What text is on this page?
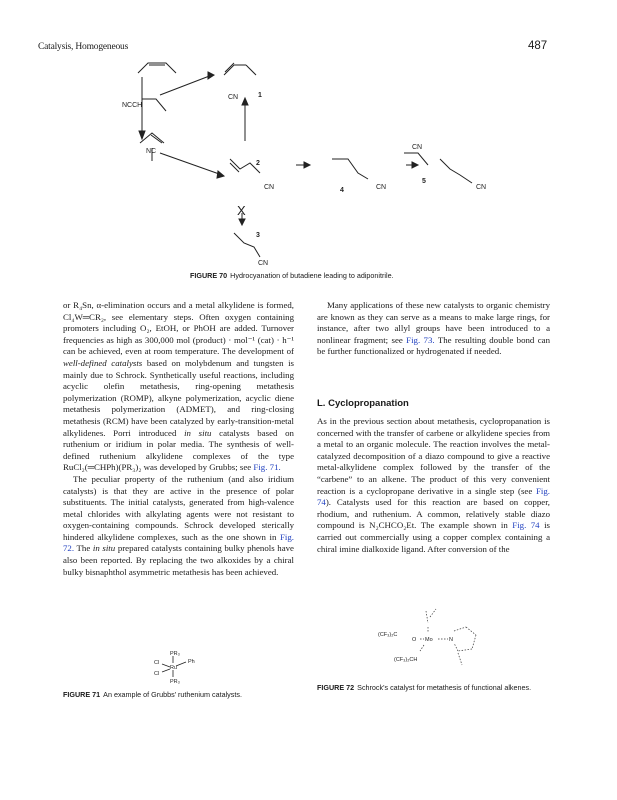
Catalysis, Homogeneous	487
NCCH
NC
CN	1
2
CN	4	CN
CN
5
CN
X
3
CN
FIGURE 70 Hydrocyanation of butadiene leading to adiponitrile.

or R₄Sn, α-elimination occurs and a metal alkylidene is formed, Cl₄W═CR₂, see elementary steps. Often oxygen containing promoters including O₂, EtOH, or PhOH are added. Turnover frequencies as high as 300,000 mol (product) · mol⁻¹ (cat) · h⁻¹ can be achieved, even at room temperature. The development of well-defined catalysts based on molybdenum and tungsten is mainly due to Schrock. Synthetically useful reactions, including acyclic olefin metathesis, ring-opening metathesis polymerization (ROMP), alkyne polymerization, acyclic diene metathesis polymerization (ADMET), and ring-closing metathesis (RCM) have been catalyzed by early-transition-metal alkylidenes. Porri introduced in situ catalysts based on ruthenium or iridium in polar media. The synthesis of well-defined ruthenium alkylidene complexes of the type RuCl₂(═CHPh)(PR₃)₂ was developed by Grubbs; see Fig. 71.

The peculiar property of the ruthenium (and also iridium catalysts) is that they are active in the presence of polar substituents. The initial catalysts, generated from high-valence metal chlorides with alkylating agents were not resistant to oxygen-containing compounds. Schrock developed sterically hindered alkylidene complexes, such as the one shown in Fig. 72. The in situ prepared catalysts containing bulky phenols have also been reported. By replacing the two alkoxides by a chiral bulky bisnaphthol asymmetric metathesis has been achieved.

PR₃
Ph
Cl
Ru
Cl
PR₃
FIGURE 71 An example of Grubbs' ruthenium catalysts.

Many applications of these new catalysts to organic chemistry are known as they can serve as a means to make large rings, for instance, after two allyl groups have been introduced to a nonlinear fragment; see Fig. 73. The resulting double bond can be further functionalized or hydrogenated if needed.

L. Cyclopropanation

As in the previous section about metathesis, cyclopropanation is concerned with the transfer of carbene or alkylidene species from a metal to an organic molecule. The reaction involves the metal-catalyzed decomposition of a diazo compound to give a reactive metal-alkylidene complex followed by the transfer of the “carbene” to an alkene. The product of this very convenient reaction is a cyclopropane derivative in a single step (see Fig. 74). Catalysts used for this reaction are based on copper, rhodium, and ruthenium. A common, relatively stable diazo compound is N₂CHCO₂Et. The example shown in Fig. 74 is carried out commercially using a copper complex containing a chiral imine dialkoxide ligand. After conversion of the

(CF₃)₂C
O Mo	N
(CF₃)₂CH
FIGURE 72 Schrock's catalyst for metathesis of functional alkenes.
